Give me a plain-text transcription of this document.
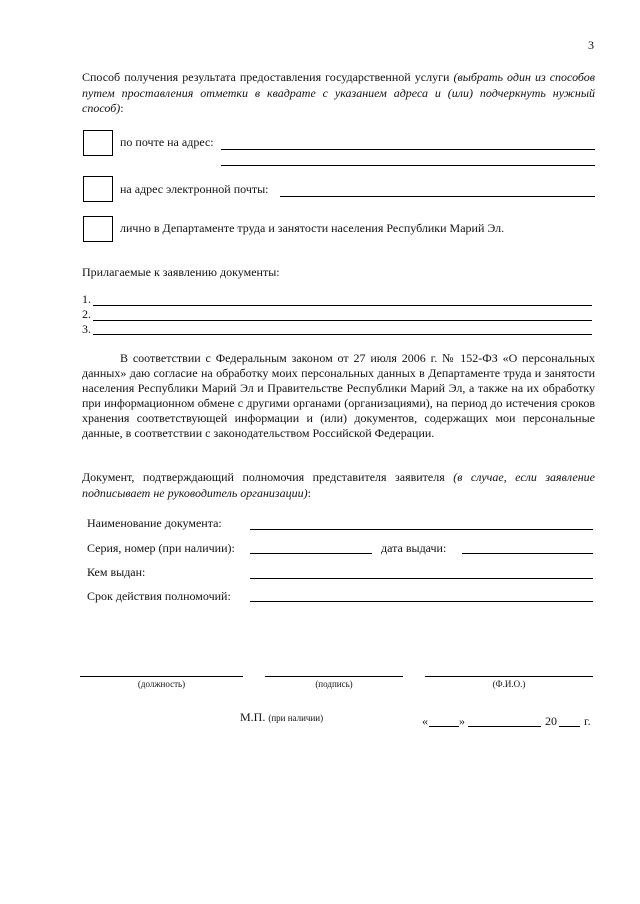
3
Способ получения результата предоставления государственной услуги (выбрать один из способов путем проставления отметки в квадрате с указанием адреса и (или) подчеркнуть нужный способ):
по почте на адрес:
на адрес электронной почты:
лично в Департаменте труда и занятости населения Республики Марий Эл.
Прилагаемые к заявлению документы:
1.
2.
3.
В соответствии с Федеральным законом от 27 июля 2006 г. № 152-ФЗ «О персональных данных» даю согласие на обработку моих персональных данных в Департаменте труда и занятости населения Республики Марий Эл и Правительстве Республики Марий Эл, а также на их обработку при информационном обмене с другими органами (организациями), на период до истечения сроков хранения соответствующей информации и (или) документов, содержащих мои персональные данные, в соответствии с законодательством Российской Федерации.
Документ, подтверждающий полномочия представителя заявителя (в случае, если заявление подписывает не руководитель организации):
Наименование документа:
Серия, номер (при наличии):	дата выдачи:
Кем выдан:
Срок действия полномочий:
(должность)	(подпись)	(Ф.И.О.)
М.П. (при наличии)	«	»	20 г.
